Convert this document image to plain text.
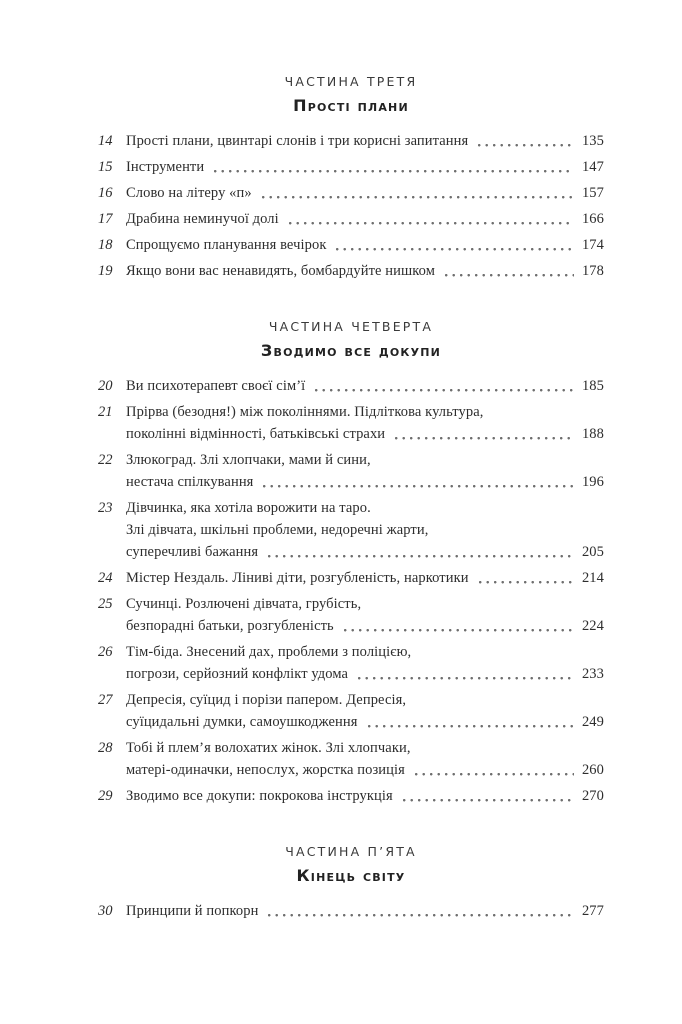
ЧАСТИНА ТРЕТЯ
Прості плани
14 Прості плани, цвинтарі слонів і три корисні запитання	135
15 Інструменти	147
16 Слово на літеру «п»	157
17 Драбина неминучої долі	166
18 Спрощуємо планування вечірок	174
19 Якщо вони вас ненавидять, бомбардуйте нишком	178
ЧАСТИНА ЧЕТВЕРТА
Зводимо все докупи
20 Ви психотерапевт своєї сім’ї	185
21 Прірва (безодня!) між поколіннями. Підліткова культура,
поколінні відмінності, батьківські страхи	188
22 Злюкоград. Злі хлопчаки, мами й сини,
нестача спілкування	196
23 Дівчинка, яка хотіла ворожити на таро.
Злі дівчата, шкільні проблеми, недоречні жарти,
суперечливі бажання	205
24 Містер Нездаль. Ліниві діти, розгубленість, наркотики	214
25 Сучинці. Розлючені дівчата, грубість,
безпорадні батьки, розгубленість	224
26 Тім-біда. Знесений дах, проблеми з поліцією,
погрози, серйозний конфлікт удома	233
27 Депресія, суїцид і порізи папером. Депресія,
суїцидальні думки, самоушкодження	249
28 Тобі й плем’я волохатих жінок. Злі хлопчаки,
матері-одиначки, непослух, жорстка позиція	260
29 Зводимо все докупи: покрокова інструкція	270
ЧАСТИНА П’ЯТА
Кінець світу
30 Принципи й попкорн	277
